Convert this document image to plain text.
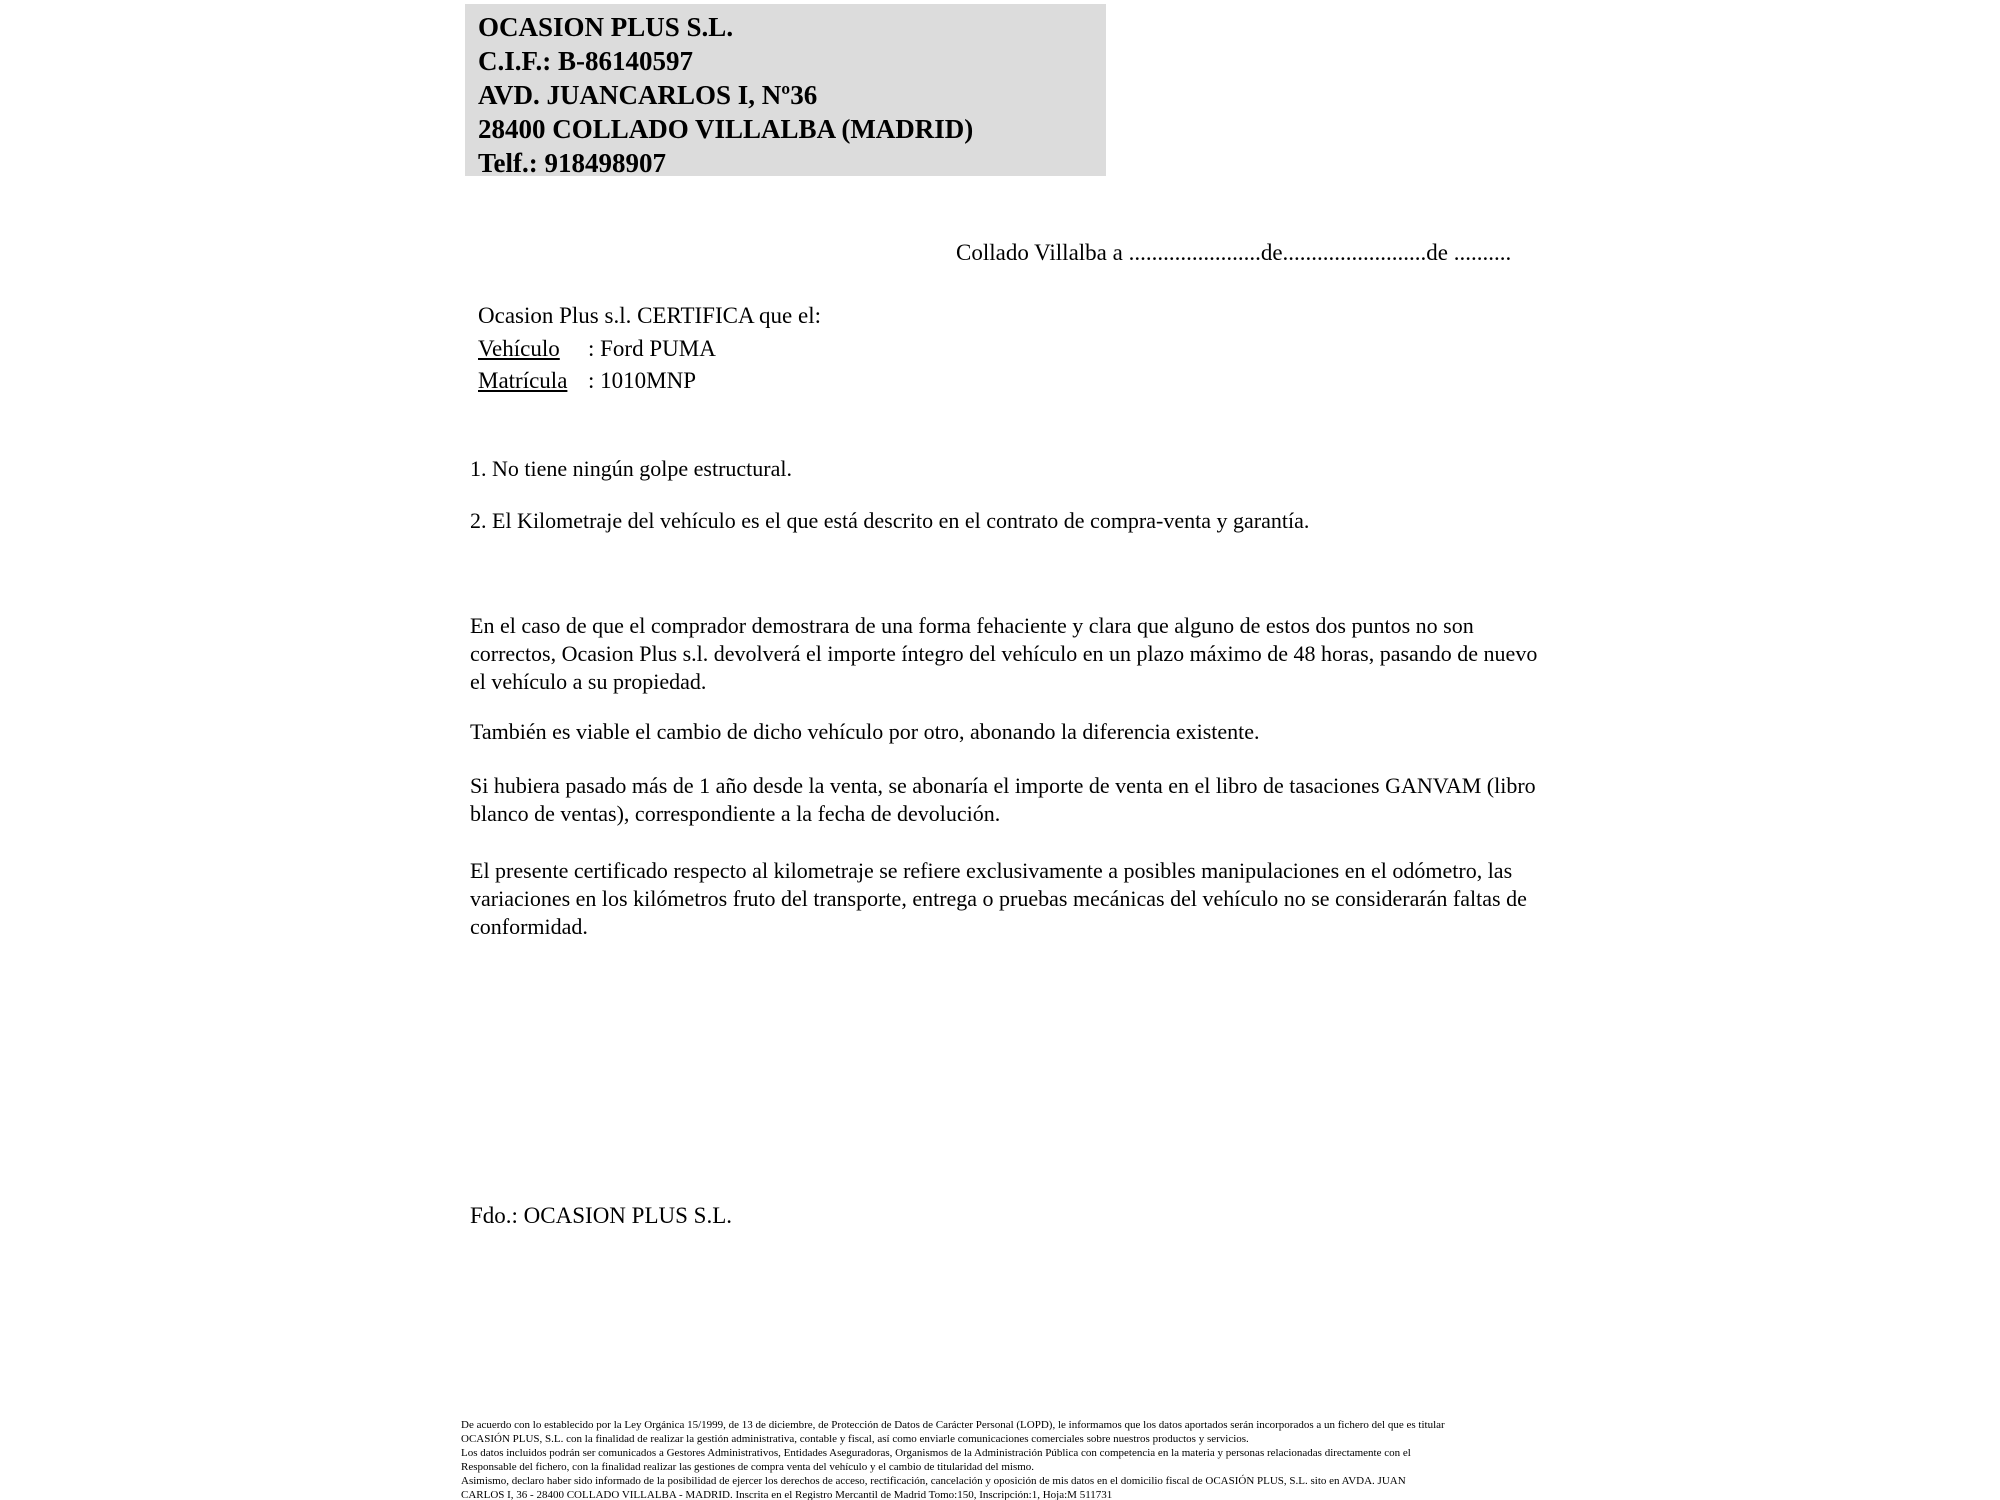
OCASION PLUS S.L.
C.I.F.: B-86140597
AVD. JUANCARLOS I, Nº36
28400 COLLADO VILLALBA (MADRID)
Telf.: 918498907
Collado Villalba a .......................de.........................de ..........
Ocasion Plus s.l. CERTIFICA que el:
Vehículo : Ford PUMA
Matrícula : 1010MNP
1. No tiene ningún golpe estructural.
2. El Kilometraje del vehículo es el que está descrito en el contrato de compra-venta y garantía.
En el caso de que el comprador demostrara de una forma fehaciente y clara que alguno de estos dos puntos no son correctos, Ocasion Plus s.l. devolverá el importe íntegro del vehículo en un plazo máximo de 48 horas, pasando de nuevo el vehículo a su propiedad.
También es viable el cambio de dicho vehículo por otro, abonando la diferencia existente.
Si hubiera pasado más de 1 año desde la venta, se abonaría el importe de venta en el libro de tasaciones GANVAM (libro blanco de ventas), correspondiente a la fecha de devolución.
El presente certificado respecto al kilometraje se refiere exclusivamente a posibles manipulaciones en el odómetro, las variaciones en los kilómetros fruto del transporte, entrega o pruebas mecánicas del vehículo no se considerarán faltas de conformidad.
Fdo.: OCASION PLUS S.L.
De acuerdo con lo establecido por la Ley Orgánica 15/1999, de 13 de diciembre, de Protección de Datos de Carácter Personal (LOPD), le informamos que los datos aportados serán incorporados a un fichero del que es titular
OCASIÓN PLUS, S.L. con la finalidad de realizar la gestión administrativa, contable y fiscal, así como enviarle comunicaciones comerciales sobre nuestros productos y servicios.
Los datos incluidos podrán ser comunicados a Gestores Administrativos, Entidades Aseguradoras, Organismos de la Administración Pública con competencia en la materia y personas relacionadas directamente con el
Responsable del fichero, con la finalidad realizar las gestiones de compra venta del vehículo y el cambio de titularidad del mismo.
Asimismo, declaro haber sido informado de la posibilidad de ejercer los derechos de acceso, rectificación, cancelación y oposición de mis datos en el domicilio fiscal de OCASIÓN PLUS, S.L. sito en AVDA. JUAN
CARLOS I, 36 - 28400 COLLADO VILLALBA - MADRID. Inscrita en el Registro Mercantil de Madrid Tomo:150, Inscripción:1, Hoja:M 511731
